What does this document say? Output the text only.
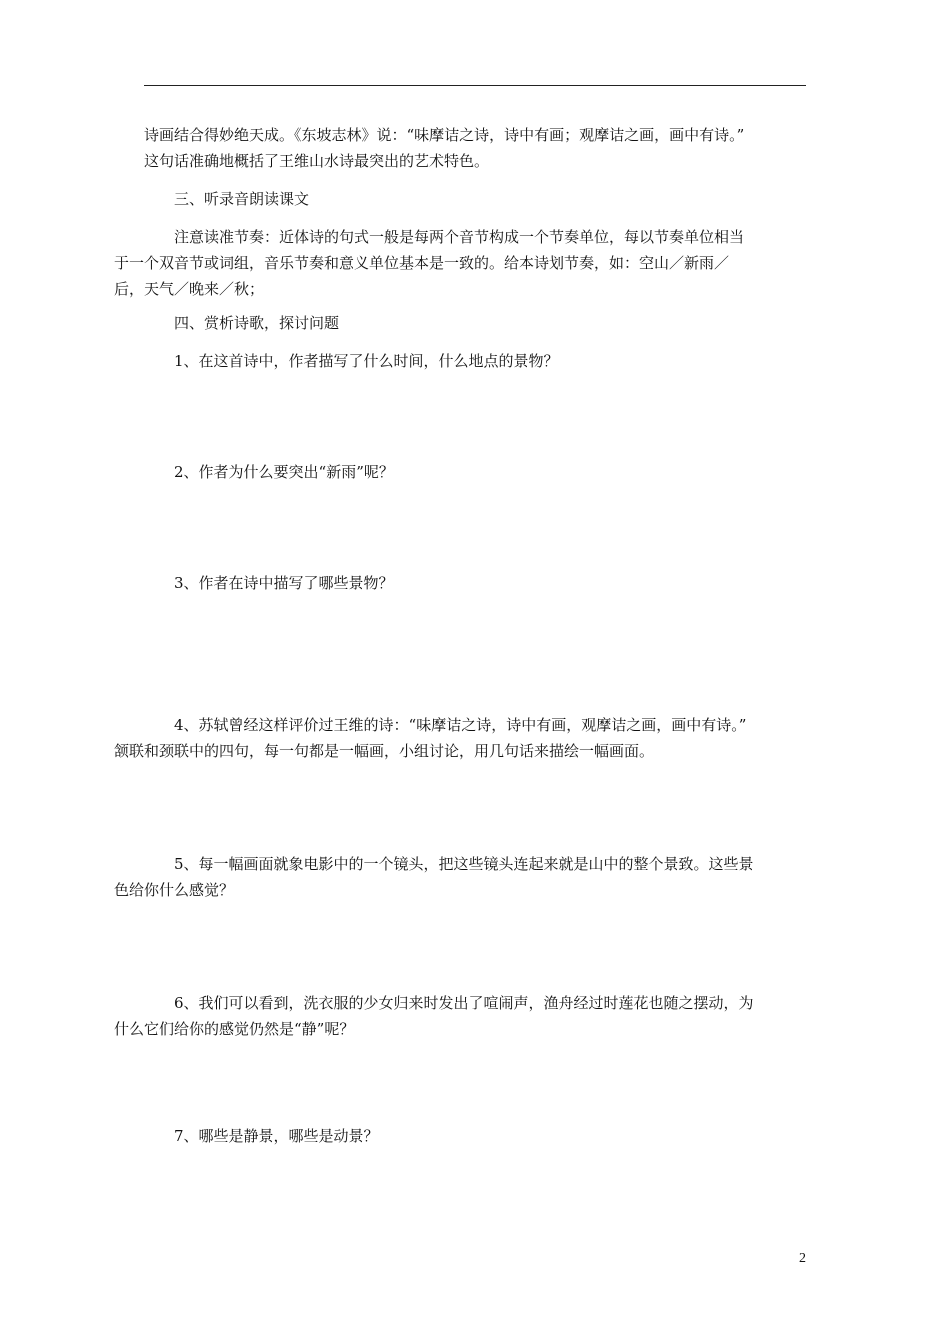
诗画结合得妙绝天成。《东坡志林》说：“味摩诘之诗，诗中有画；观摩诘之画，画中有诗。”
这句话准确地概括了王维山水诗最突出的艺术特色。

三、听录音朗读课文

注意读准节奏：近体诗的句式一般是每两个音节构成一个节奏单位，每以节奏单位相当
于一个双音节或词组，音乐节奏和意义单位基本是一致的。给本诗划节奏，如：空山／新雨／
后，天气／晚来／秋；

四、赏析诗歌，探讨问题

1、在这首诗中，作者描写了什么时间，什么地点的景物？

2、作者为什么要突出“新雨”呢？

3、作者在诗中描写了哪些景物？

4、苏轼曾经这样评价过王维的诗：“味摩诘之诗，诗中有画，观摩诘之画，画中有诗。”
颔联和颈联中的四句，每一句都是一幅画，小组讨论，用几句话来描绘一幅画面。

5、每一幅画面就象电影中的一个镜头，把这些镜头连起来就是山中的整个景致。这些景
色给你什么感觉？

6、我们可以看到，洗衣服的少女归来时发出了喧闹声，渔舟经过时莲花也随之摆动，为
什么它们给你的感觉仍然是“静”呢？

7、哪些是静景，哪些是动景？

2
